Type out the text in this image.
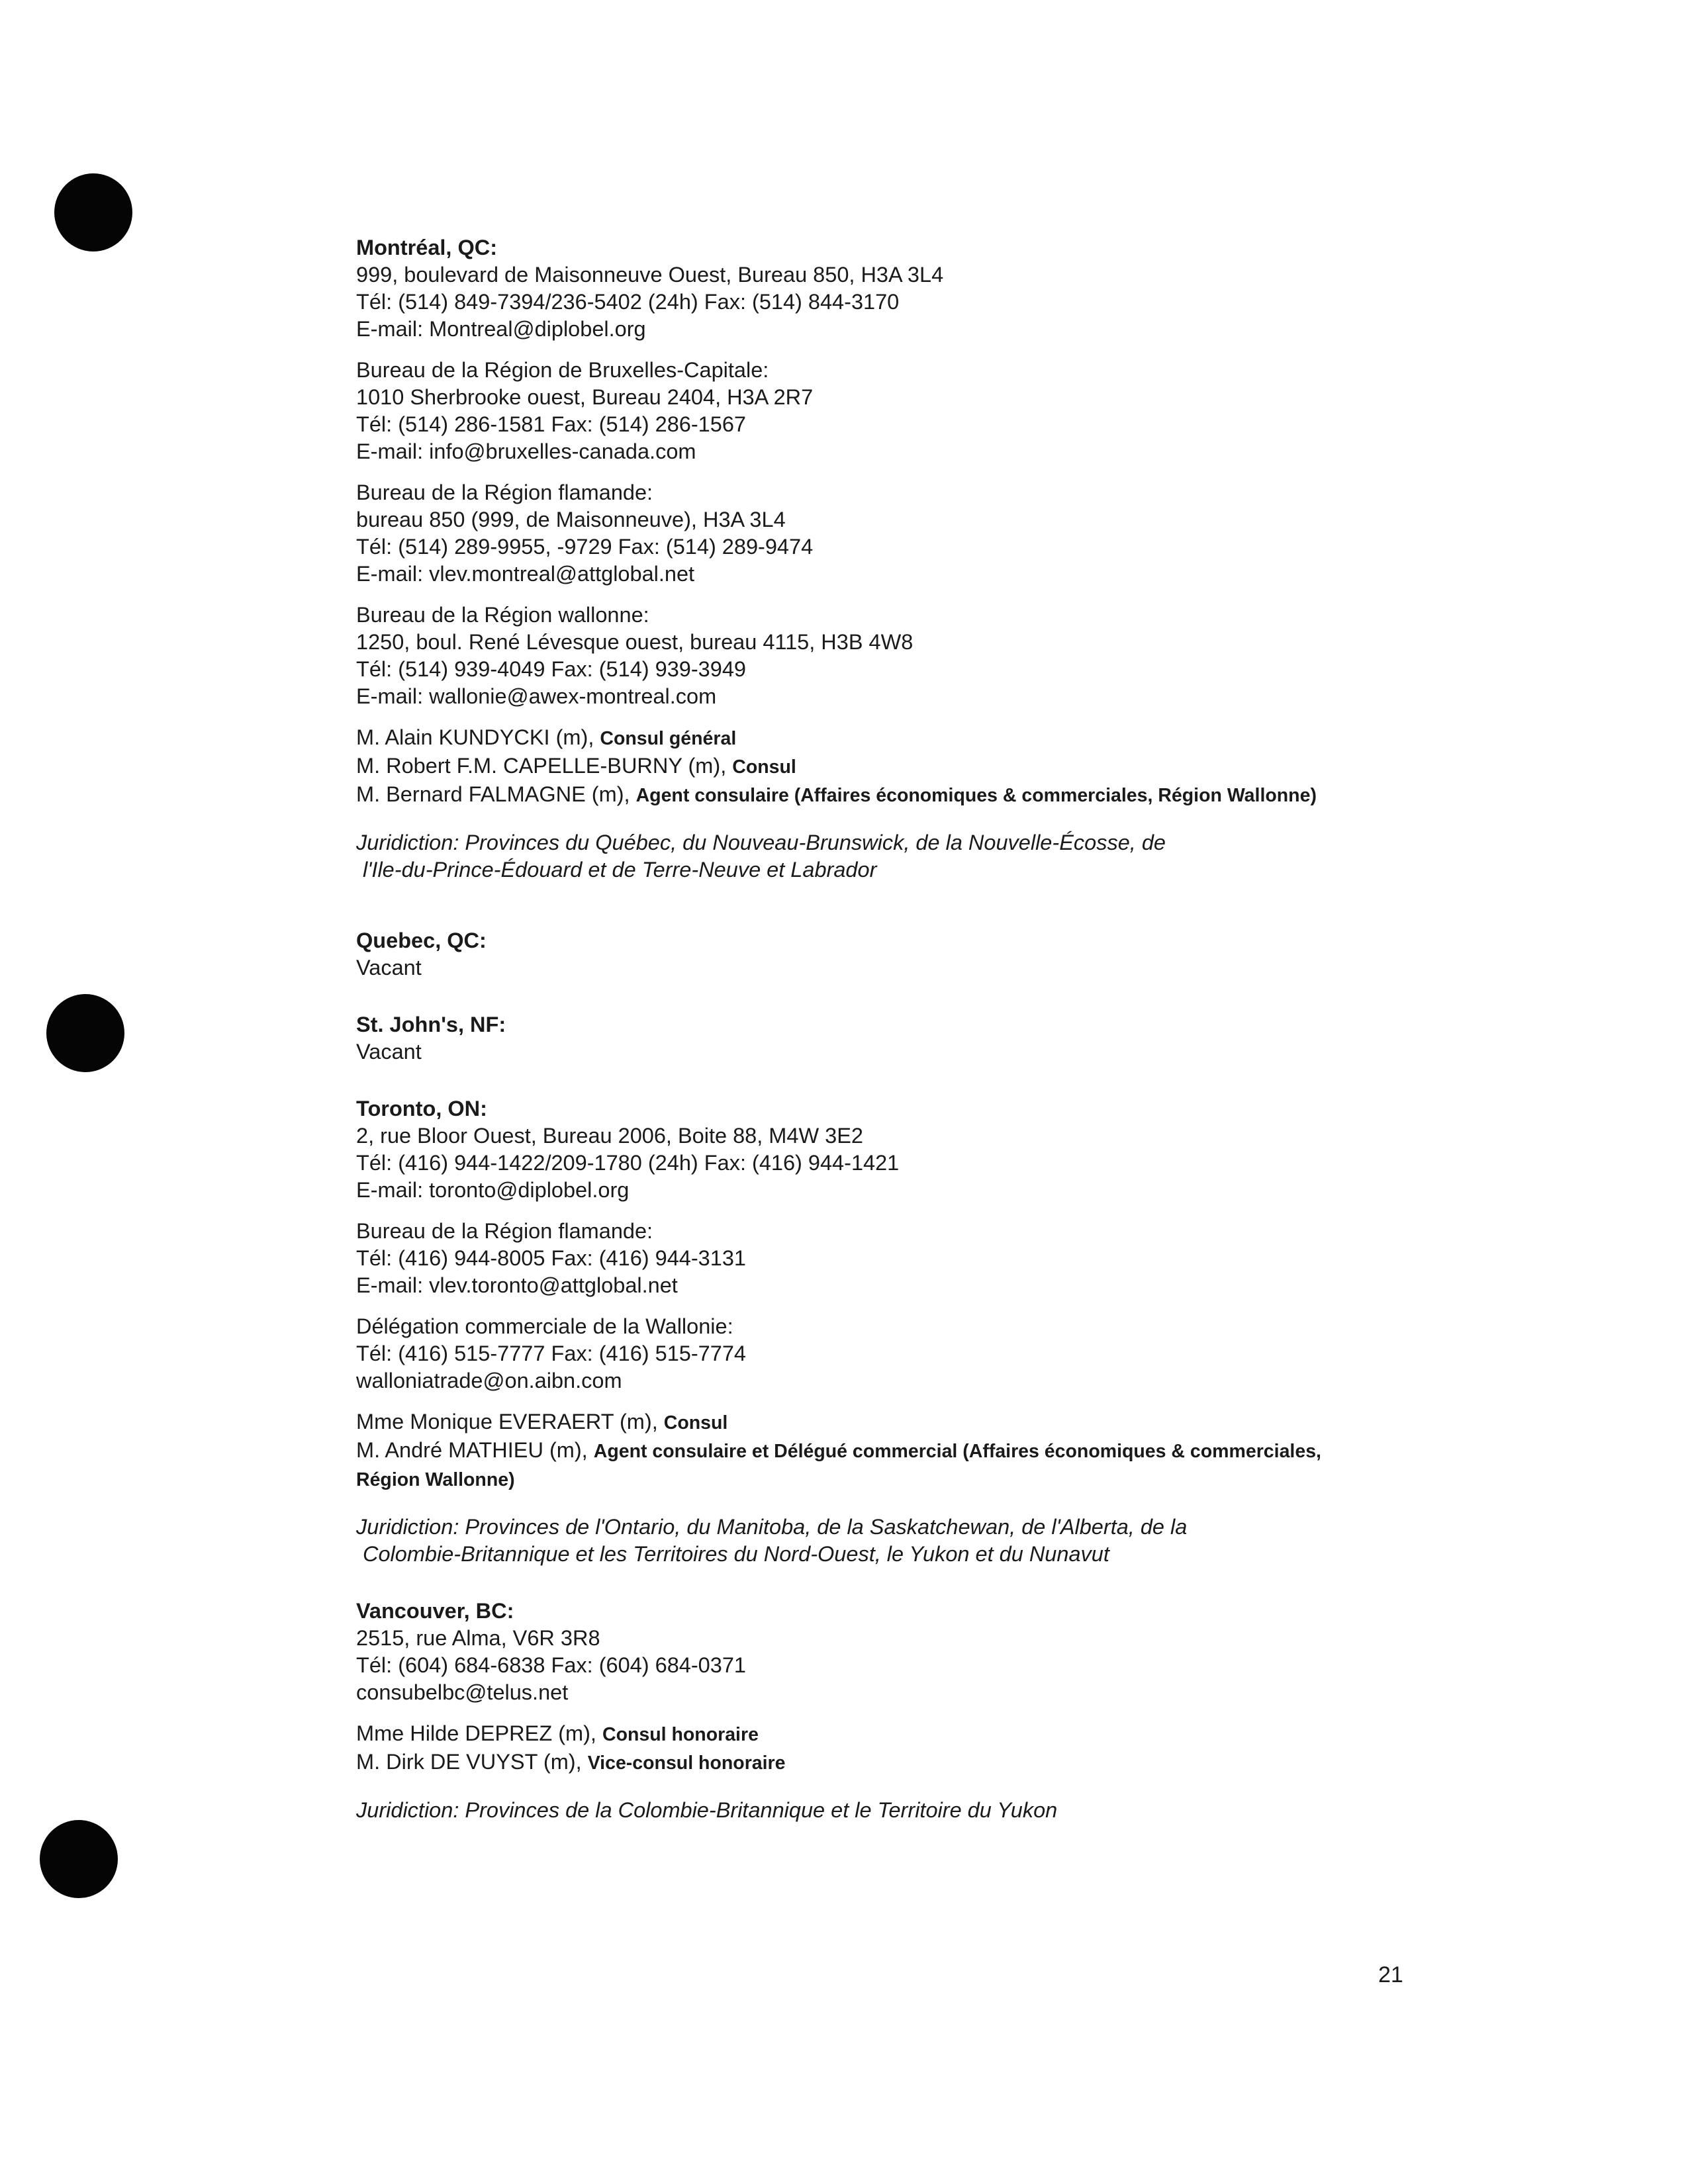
Montréal, QC:
999, boulevard de Maisonneuve Ouest, Bureau 850, H3A 3L4
Tél: (514) 849-7394/236-5402 (24h) Fax: (514) 844-3170
E-mail: Montreal@diplobel.org
Bureau de la Région de Bruxelles-Capitale:
1010 Sherbrooke ouest, Bureau 2404, H3A 2R7
Tél: (514) 286-1581 Fax: (514) 286-1567
E-mail: info@bruxelles-canada.com
Bureau de la Région flamande:
bureau 850 (999, de Maisonneuve), H3A 3L4
Tél: (514) 289-9955, -9729 Fax: (514) 289-9474
E-mail: vlev.montreal@attglobal.net
Bureau de la Région wallonne:
1250, boul. René Lévesque ouest, bureau 4115, H3B 4W8
Tél: (514) 939-4049 Fax: (514) 939-3949
E-mail: wallonie@awex-montreal.com
M. Alain KUNDYCKI (m), Consul général
M. Robert F.M. CAPELLE-BURNY (m), Consul
M. Bernard FALMAGNE (m), Agent consulaire (Affaires économiques & commerciales, Région Wallonne)
Juridiction: Provinces du Québec, du Nouveau-Brunswick, de la Nouvelle-Écosse, de
l'Ile-du-Prince-Édouard et de Terre-Neuve et Labrador
Quebec, QC:
Vacant
St. John's, NF:
Vacant
Toronto, ON:
2, rue Bloor Ouest, Bureau 2006, Boite 88, M4W 3E2
Tél: (416) 944-1422/209-1780 (24h) Fax: (416) 944-1421
E-mail: toronto@diplobel.org
Bureau de la Région flamande:
Tél: (416) 944-8005 Fax: (416) 944-3131
E-mail: vlev.toronto@attglobal.net
Délégation commerciale de la Wallonie:
Tél: (416) 515-7777 Fax: (416) 515-7774
walloniatrade@on.aibn.com
Mme Monique EVERAERT (m), Consul
M. André MATHIEU (m), Agent consulaire et Délégué commercial (Affaires économiques & commerciales, Région Wallonne)
Juridiction: Provinces de l'Ontario, du Manitoba, de la Saskatchewan, de l'Alberta, de la
Colombie-Britannique et les Territoires du Nord-Ouest, le Yukon et du Nunavut
Vancouver, BC:
2515, rue Alma, V6R 3R8
Tél: (604) 684-6838 Fax: (604) 684-0371
consubelbc@telus.net
Mme Hilde DEPREZ (m), Consul honoraire
M. Dirk DE VUYST (m), Vice-consul honoraire
Juridiction: Provinces de la Colombie-Britannique et le Territoire du Yukon
21
